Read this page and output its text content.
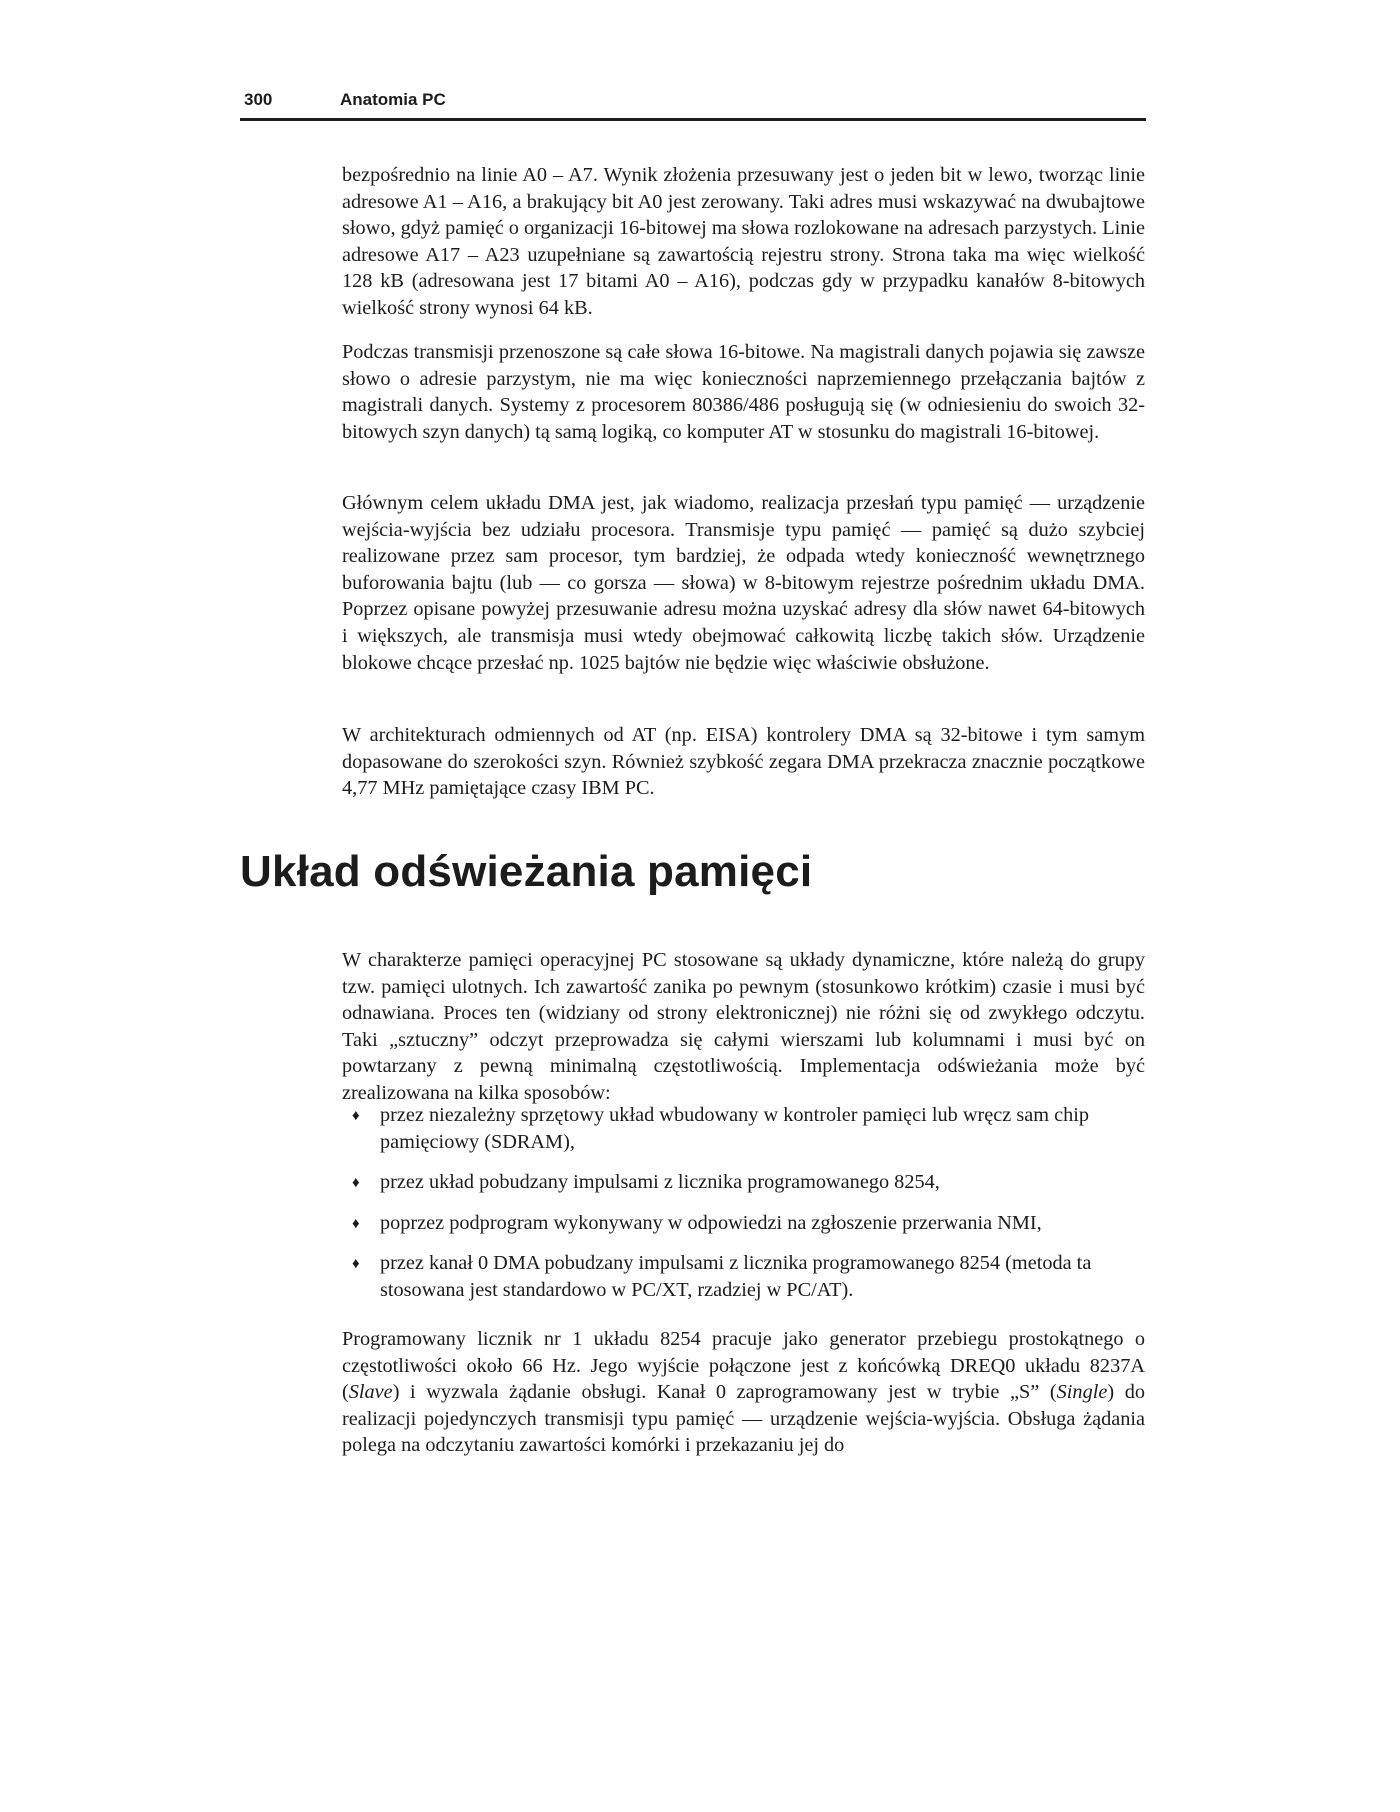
300	Anatomia PC

bezpośrednio na linie A0 – A7. Wynik złożenia przesuwany jest o jeden bit w lewo, tworząc linie adresowe A1 – A16, a brakujący bit A0 jest zerowany. Taki adres musi wskazywać na dwubajtowe słowo, gdyż pamięć o organizacji 16-bitowej ma słowa rozlokowane na adresach parzystych. Linie adresowe A17 – A23 uzupełniane są zawartością rejestru strony. Strona taka ma więc wielkość 128 kB (adresowana jest 17 bitami A0 – A16), podczas gdy w przypadku kanałów 8-bitowych wielkość strony wynosi 64 kB.

Podczas transmisji przenoszone są całe słowa 16-bitowe. Na magistrali danych pojawia się zawsze słowo o adresie parzystym, nie ma więc konieczności naprzemiennego przełączania bajtów z magistrali danych. Systemy z procesorem 80386/486 posługują się (w odniesieniu do swoich 32-bitowych szyn danych) tą samą logiką, co komputer AT w stosunku do magistrali 16-bitowej.

Głównym celem układu DMA jest, jak wiadomo, realizacja przesłań typu pamięć — urządzenie wejścia-wyjścia bez udziału procesora. Transmisje typu pamięć — pamięć są dużo szybciej realizowane przez sam procesor, tym bardziej, że odpada wtedy konieczność wewnętrznego buforowania bajtu (lub — co gorsza — słowa) w 8-bitowym rejestrze pośrednim układu DMA. Poprzez opisane powyżej przesuwanie adresu można uzyskać adresy dla słów nawet 64-bitowych i większych, ale transmisja musi wtedy obejmować całkowitą liczbę takich słów. Urządzenie blokowe chcące przesłać np. 1025 bajtów nie będzie więc właściwie obsłużone.

W architekturach odmiennych od AT (np. EISA) kontrolery DMA są 32-bitowe i tym samym dopasowane do szerokości szyn. Również szybkość zegara DMA przekracza znacznie początkowe 4,77 MHz pamiętające czasy IBM PC.

Układ odświeżania pamięci

W charakterze pamięci operacyjnej PC stosowane są układy dynamiczne, które należą do grupy tzw. pamięci ulotnych. Ich zawartość zanika po pewnym (stosunkowo krótkim) czasie i musi być odnawiana. Proces ten (widziany od strony elektronicznej) nie różni się od zwykłego odczytu. Taki „sztuczny” odczyt przeprowadza się całymi wierszami lub kolumnami i musi być on powtarzany z pewną minimalną częstotliwością. Implementacja odświeżania może być zrealizowana na kilka sposobów:

♦ przez niezależny sprzętowy układ wbudowany w kontroler pamięci lub wręcz sam chip pamięciowy (SDRAM),
♦ przez układ pobudzany impulsami z licznika programowanego 8254,
♦ poprzez podprogram wykonywany w odpowiedzi na zgłoszenie przerwania NMI,
♦ przez kanał 0 DMA pobudzany impulsami z licznika programowanego 8254 (metoda ta stosowana jest standardowo w PC/XT, rzadziej w PC/AT).

Programowany licznik nr 1 układu 8254 pracuje jako generator przebiegu prostokątnego o częstotliwości około 66 Hz. Jego wyjście połączone jest z końcówką DREQ0 układu 8237A (Slave) i wyzwala żądanie obsługi. Kanał 0 zaprogramowany jest w trybie „S” (Single) do realizacji pojedynczych transmisji typu pamięć — urządzenie wejścia-wyjścia. Obsługa żądania polega na odczytaniu zawartości komórki i przekazaniu jej do
